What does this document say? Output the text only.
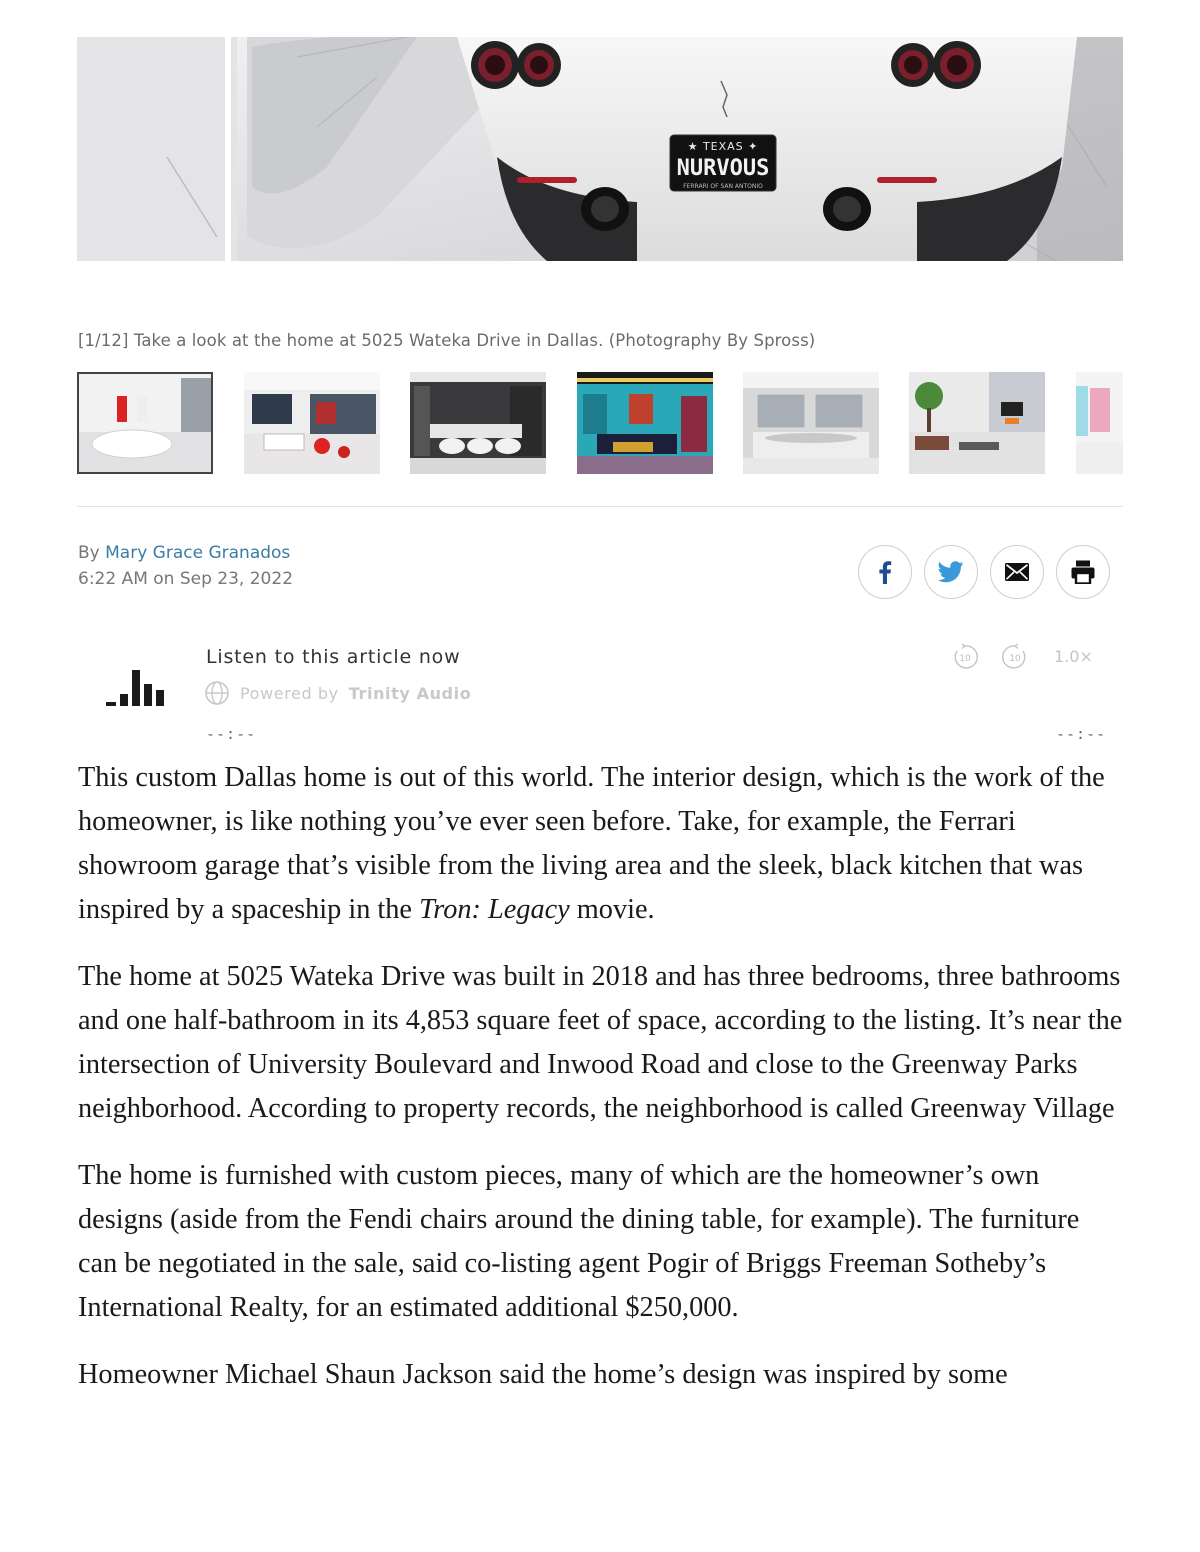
★ TEXAS ✦
NURVOUS
FERRARI OF SAN ANTONIO
[1/12] Take a look at the home at 5025 Wateka Drive in Dallas. (Photography By Spross)
By Mary Grace Granados
6:22 AM on Sep 23, 2022
Listen to this article now
Powered by Trinity Audio
10	10 1.0×
--:--	--:--

This custom Dallas home is out of this world. The interior design, which is the work of the homeowner, is like nothing you’ve ever seen before. Take, for example, the Ferrari showroom garage that’s visible from the living area and the sleek, black kitchen that was inspired by a spaceship in the Tron: Legacy movie.

The home at 5025 Wateka Drive was built in 2018 and has three bedrooms, three bathrooms and one half-bathroom in its 4,853 square feet of space, according to the listing. It’s near the intersection of University Boulevard and Inwood Road and close to the Greenway Parks neighborhood. According to property records, the neighborhood is called Greenway Village

The home is furnished with custom pieces, many of which are the homeowner’s own designs (aside from the Fendi chairs around the dining table, for example). The furniture can be negotiated in the sale, said co-listing agent Pogir of Briggs Freeman Sotheby’s International Realty, for an estimated additional $250,000.

Homeowner Michael Shaun Jackson said the home’s design was inspired by some
